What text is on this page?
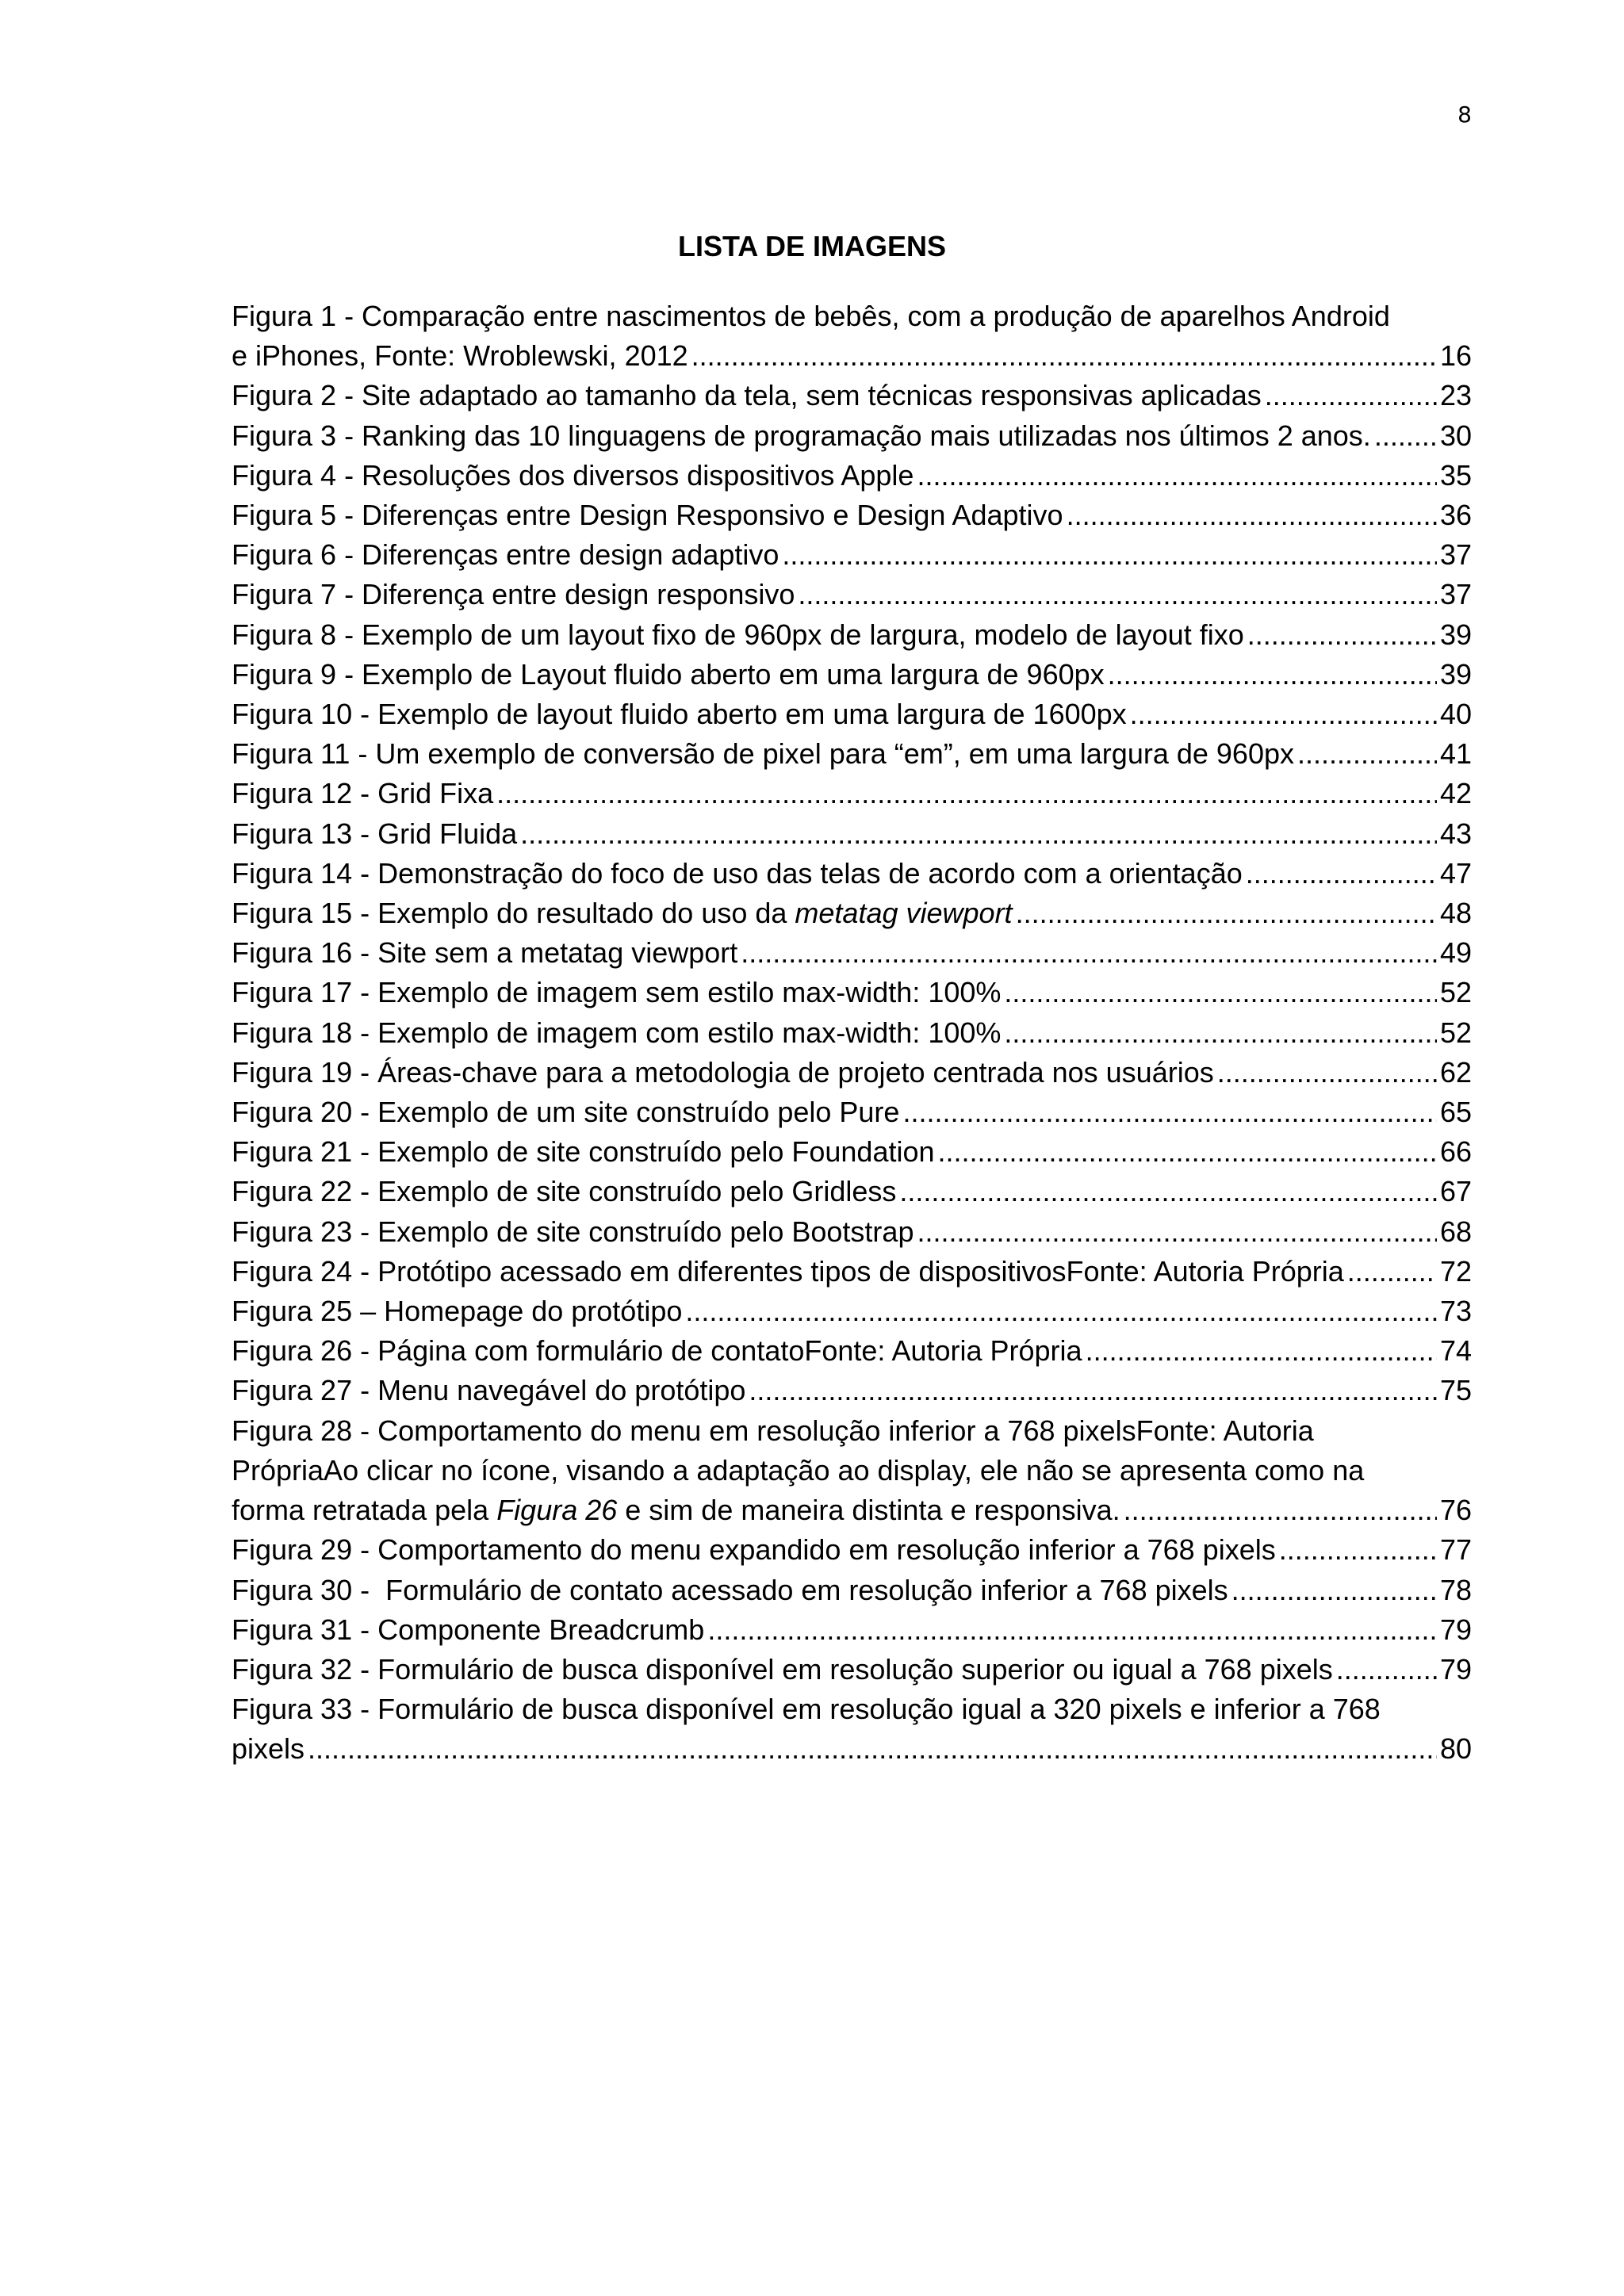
8
LISTA DE IMAGENS
Figura 1 - Comparação entre nascimentos de bebês, com a produção de aparelhos Android
e iPhones, Fonte: Wroblewski, 2012 .....	16
Figura 2 - Site adaptado ao tamanho da tela, sem técnicas responsivas aplicadas .....	23
Figura 3 - Ranking das 10 linguagens de programação mais utilizadas nos últimos 2 anos. ..... 30
Figura 4 - Resoluções dos diversos dispositivos Apple .....	35
Figura 5 - Diferenças entre Design Responsivo e Design Adaptivo .....	36
Figura 6 - Diferenças entre design adaptivo .....	37
Figura 7 - Diferença entre design responsivo .....	37
Figura 8 - Exemplo de um layout fixo de 960px de largura, modelo de layout fixo .....	39
Figura 9 - Exemplo de Layout fluido aberto em uma largura de 960px .....	39
Figura 10 - Exemplo de layout fluido aberto em uma largura de 1600px .....	40
Figura 11 - Um exemplo de conversão de pixel para “em”, em uma largura de 960px .....	41
Figura 12 - Grid Fixa .....	42
Figura 13 - Grid Fluida .....	43
Figura 14 - Demonstração do foco de uso das telas de acordo com a orientação .....	47
Figura 15 - Exemplo do resultado do uso da metatag viewport .....	48
Figura 16 - Site sem a metatag viewport .....	49
Figura 17 - Exemplo de imagem sem estilo max-width: 100% .....	52
Figura 18 - Exemplo de imagem com estilo max-width: 100% .....	52
Figura 19 - Áreas-chave para a metodologia de projeto centrada nos usuários .....	62
Figura 20 - Exemplo de um site construído pelo Pure .....	65
Figura 21 - Exemplo de site construído pelo Foundation .....	66
Figura 22 - Exemplo de site construído pelo Gridless .....	67
Figura 23 - Exemplo de site construído pelo Bootstrap .....	68
Figura 24 - Protótipo acessado em diferentes tipos de dispositivosFonte: Autoria Própria .....	72
Figura 25 – Homepage do protótipo .....	73
Figura 26 - Página com formulário de contatoFonte: Autoria Própria .....	74
Figura 27 - Menu navegável do protótipo .....	75
Figura 28 - Comportamento do menu em resolução inferior a 768 pixelsFonte: Autoria
PrópriaAo clicar no ícone, visando a adaptação ao display, ele não se apresenta como na
forma retratada pela Figura 26 e sim de maneira distinta e responsiva. .....	76
Figura 29 - Comportamento do menu expandido em resolução inferior a 768 pixels .....	77
Figura 30 -  Formulário de contato acessado em resolução inferior a 768 pixels .....	78
Figura 31 - Componente Breadcrumb .....	79
Figura 32 - Formulário de busca disponível em resolução superior ou igual a 768 pixels .....	79
Figura 33 - Formulário de busca disponível em resolução igual a 320 pixels e inferior a 768
pixels .....	80
